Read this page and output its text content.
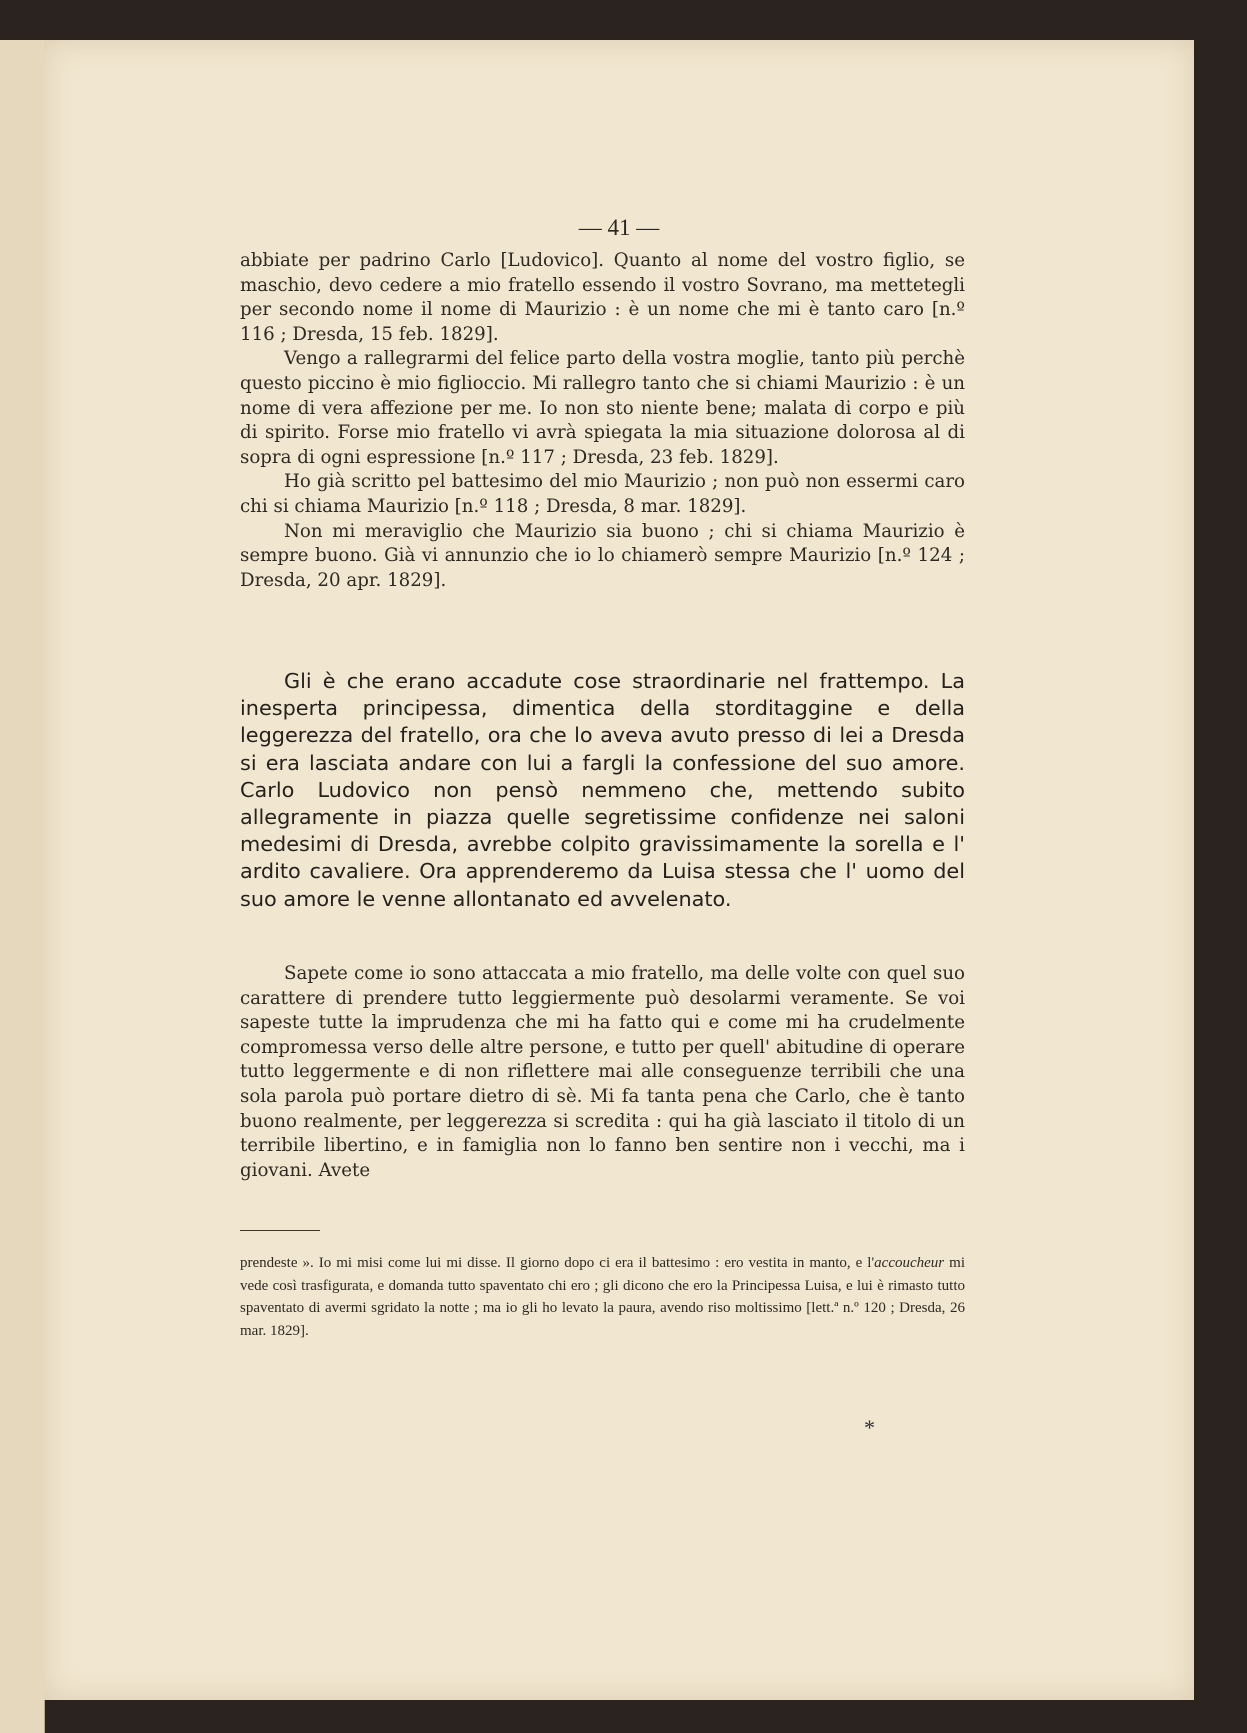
— 41 —

abbiate per padrino Carlo [Ludovico]. Quanto al nome del vostro figlio, se maschio, devo cedere a mio fratello essendo il vostro Sovrano, ma mettetegli per secondo nome il nome di Maurizio : è un nome che mi è tanto caro [n.º 116 ; Dresda, 15 feb. 1829].

Vengo a rallegrarmi del felice parto della vostra moglie, tanto più perchè questo piccino è mio figlioccio. Mi rallegro tanto che si chiami Maurizio : è un nome di vera affezione per me. Io non sto niente bene; malata di corpo e più di spirito. Forse mio fratello vi avrà spiegata la mia situazione dolorosa al di sopra di ogni espressione [n.º 117 ; Dresda, 23 feb. 1829].

Ho già scritto pel battesimo del mio Maurizio ; non può non essermi caro chi si chiama Maurizio [n.º 118 ; Dresda, 8 mar. 1829].

Non mi meraviglio che Maurizio sia buono ; chi si chiama Maurizio è sempre buono. Già vi annunzio che io lo chiamerò sempre Maurizio [n.º 124 ; Dresda, 20 apr. 1829].

Gli è che erano accadute cose straordinarie nel frattempo. La inesperta principessa, dimentica della storditaggine e della leggerezza del fratello, ora che lo aveva avuto presso di lei a Dresda si era lasciata andare con lui a fargli la confessione del suo amore. Carlo Ludovico non pensò nemmeno che, mettendo subito allegramente in piazza quelle segretissime confidenze nei saloni medesimi di Dresda, avrebbe colpito gravissimamente la sorella e l' ardito cavaliere. Ora apprenderemo da Luisa stessa che l' uomo del suo amore le venne allontanato ed avvelenato.

Sapete come io sono attaccata a mio fratello, ma delle volte con quel suo carattere di prendere tutto leggiermente può desolarmi veramente. Se voi sapeste tutte la imprudenza che mi ha fatto qui e come mi ha crudelmente compromessa verso delle altre persone, e tutto per quell' abitudine di operare tutto leggermente e di non riflettere mai alle conseguenze terribili che una sola parola può portare dietro di sè. Mi fa tanta pena che Carlo, che è tanto buono realmente, per leggerezza si scredita : qui ha già lasciato il titolo di un terribile libertino, e in famiglia non lo fanno ben sentire non i vecchi, ma i giovani. Avete

prendeste ». Io mi misi come lui mi disse. Il giorno dopo ci era il battesimo : ero vestita in manto, e l'accoucheur mi vede così trasfigurata, e domanda tutto spaventato chi ero ; gli dicono che ero la Principessa Luisa, e lui è rimasto tutto spaventato di avermi sgridato la notte ; ma io gli ho levato la paura, avendo riso moltissimo [lett.ª n.º 120 ; Dresda, 26 mar. 1829].

*
